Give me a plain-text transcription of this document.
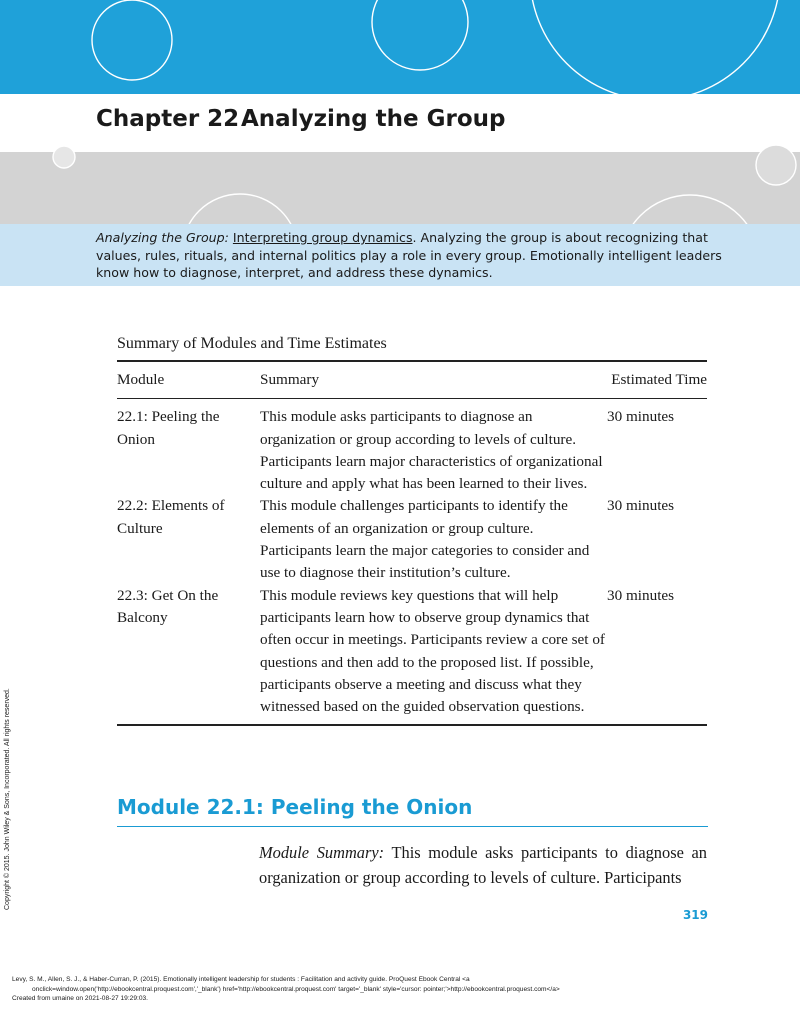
Chapter 22Analyzing the Group
Analyzing the Group: Interpreting group dynamics. Analyzing the group is about recognizing that values, rules, rituals, and internal politics play a role in every group. Emotionally intelligent leaders know how to diagnose, interpret, and address these dynamics.
Summary of Modules and Time Estimates
Module	Summary	Estimated Time
22.1: Peeling the Onion	This module asks participants to diagnose an organization or group according to levels of culture. Participants learn major characteristics of organizational culture and apply what has been learned to their lives.	30 minutes
22.2: Elements of Culture	This module challenges participants to identify the elements of an organization or group culture. Participants learn the major categories to consider and use to diagnose their institution’s culture.	30 minutes
22.3: Get On the Balcony	This module reviews key questions that will help participants learn how to observe group dynamics that often occur in meetings. Participants review a core set of questions and then add to the proposed list. If possible, participants observe a meeting and discuss what they witnessed based on the guided observation questions.	30 minutes
Module 22.1: Peeling the Onion
Module Summary: This module asks participants to diagnose an organization or group according to levels of culture. Participants
319
Copyright © 2015. John Wiley & Sons, Incorporated. All rights reserved.
Levy, S. M., Allen, S. J., & Haber-Curran, P. (2015). Emotionally intelligent leadership for students : Facilitation and activity guide. ProQuest Ebook Central <a
onclick=window.open('http://ebookcentral.proquest.com','_blank') href='http://ebookcentral.proquest.com' target='_blank' style='cursor: pointer;'>http://ebookcentral.proquest.com</a>
Created from umaine on 2021-08-27 19:29:03.
